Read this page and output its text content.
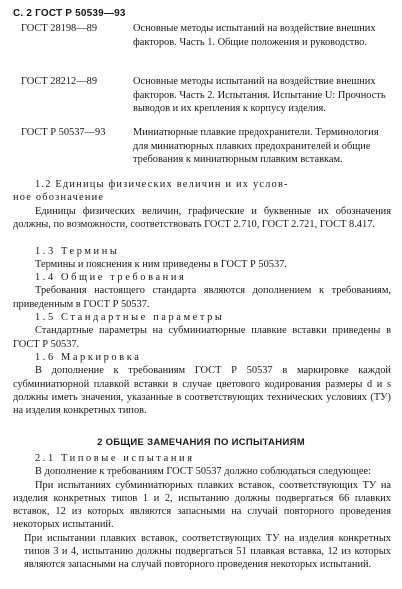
С. 2 ГОСТ Р 50539—93
ГОСТ 28198—89	Основные методы испытаний на воздействие внешних факторов. Часть 1. Общие положения и руководство.
ГОСТ 28212—89	Основные методы испытаний на воздействие внешних факторов. Часть 2. Испытания. Испытание U: Прочность выводов и их крепления к корпусу изделия.
ГОСТ Р 50537—93	Миниатюрные плавкие предохранители. Терминология для миниатюрных плавких предохранителей и общие требования к миниатюрным плавким вставкам.

1.2 Единицы физических величин и их услов-

ное обозначение

Единицы физических величин, графические и буквенные их обозначения должны, по возможности, соответствовать ГОСТ 2.710, ГОСТ 2.721, ГОСТ 8.417.

1.3 Термины

Термины и пояснения к ним приведены в ГОСТ Р 50537.

1.4 Общие требования

Требования настоящего стандарта являются дополнением к требованиям, приведенным в ГОСТ Р 50537.

1.5 Стандартные параметры

Стандартные параметры на субминиатюрные плавкие вставки приведены в ГОСТ Р 50537.

1.6 Маркировка

В дополнение к требованиям ГОСТ Р 50537 в маркировке каждой субминиатюрной плавкой вставки в случае цветового кодирования размеры d и s должны иметь значения, указанные в соответствующих технических условиях (ТУ) на изделия конкретных типов.

2 ОБЩИЕ ЗАМЕЧАНИЯ ПО ИСПЫТАНИЯМ

2.1 Типовые испытания

В дополнение к требованиям ГОСТ 50537 должно соблюдаться следующее:

При испытаниях субминиатюрных плавких вставок, соответствующих ТУ на изделия конкретных типов 1 и 2, испытанию должны подвергаться 66 плавких вставок, 12 из которых являются запасными на случай повторного проведения некоторых испытаний.

При испытании плавких вставок, соответствующих ТУ на изделия конкретных типов 3 и 4, испытанию должны подвергаться 51 плавкая вставка, 12 из которых являются запасными на случай повторного проведения некоторых испытаний.
